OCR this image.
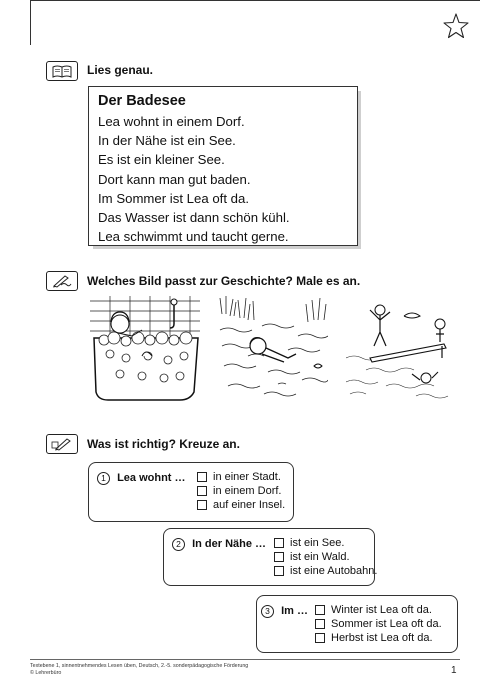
Lies genau.
Der Badesee
Lea wohnt in einem Dorf.
In der Nähe ist ein See.
Es ist ein kleiner See.
Dort kann man gut baden.
Im Sommer ist Lea oft da.
Das Wasser ist dann schön kühl.
Lea schwimmt und taucht gerne.
Welches Bild passt zur Geschichte? Male es an.
Was ist richtig? Kreuze an.
1 Lea wohnt … in einer Stadt.
in einem Dorf.
auf einer Insel.
2 In der Nähe … ist ein See.
ist ein Wald.
ist eine Autobahn.
3 Im … Winter ist Lea oft da.
Sommer ist Lea oft da.
Herbst ist Lea oft da.
Textebene 1, sinnentnehmendes Lesen üben, Deutsch, 2.-5. sonderpädagogische Förderung
© Lehrerbüro	1
